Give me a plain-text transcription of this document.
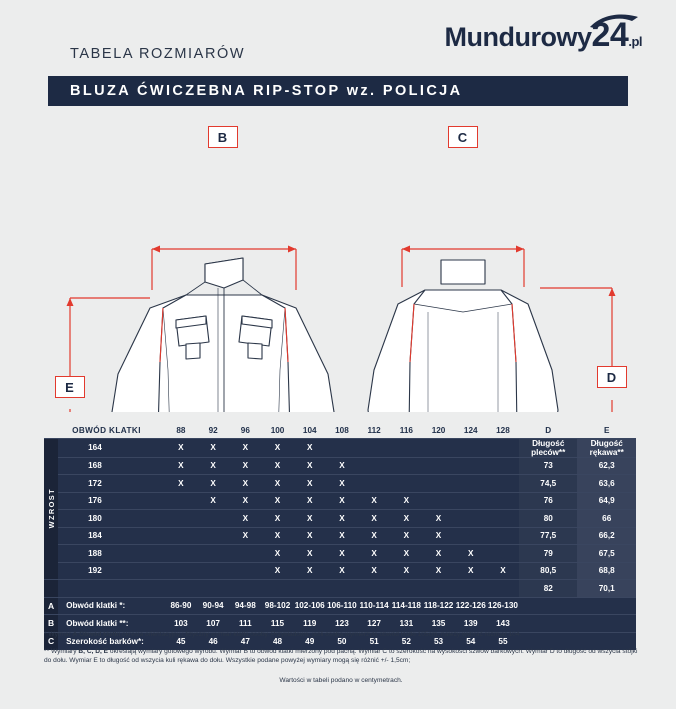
Mundurowy24.pl
TABELA ROZMIARÓW
BLUZA ĆWICZEBNA RIP-STOP wz. POLICJA
B	C
E
D
	OBWÓD KLATKI	88	92	96	100	104	108	112	116	120	124	128	D	E
WZROST	164	X	X	X	X	X							Długość pleców**	Długość rękawa**
	168	X	X	X	X	X	X						73	62,3
	172	X	X	X	X	X	X						74,5	63,6
	176		X	X	X	X	X	X	X				76	64,9
	180			X	X	X	X	X	X	X			80	66
	184			X	X	X	X	X	X	X			77,5	66,2
	188				X	X	X	X	X	X	X		79	67,5
	192				X	X	X	X	X	X	X	X	80,5	68,8
													82	70,1
A	Obwód klatki *:	86-90	90-94	94-98	98-102	102-106	106-110	110-114	114-118	118-122	122-126	126-130		
B	Obwód klatki **:	103	107	111	115	119	123	127	131	135	139	143		
C	Szerokość barków*:	45	46	47	48	49	50	51	52	53	54	55		

* Wymiar A Obwód klatki określa orientacyjny i fizyczny wymiar klatki osoby. Przykładowo, jeśli osoba wymierzyła obwód klatki 105cm, należy wybrać rozmiar 104.

** Wymiary B, C, D, E określają wymiary gotowego wyrobu. Wymiar B to obwód klatki mierzony pod pachą. Wymiar C to szerokość na wysokości szwów barkowych. Wymiar D to długość od wszycia stójki do dołu. Wymiar E to długość od wszycia kuli rękawa do dołu. Wszystkie podane powyżej wymiary mogą się różnić +/- 1,5cm;

Wartości w tabeli podano w centymetrach.
